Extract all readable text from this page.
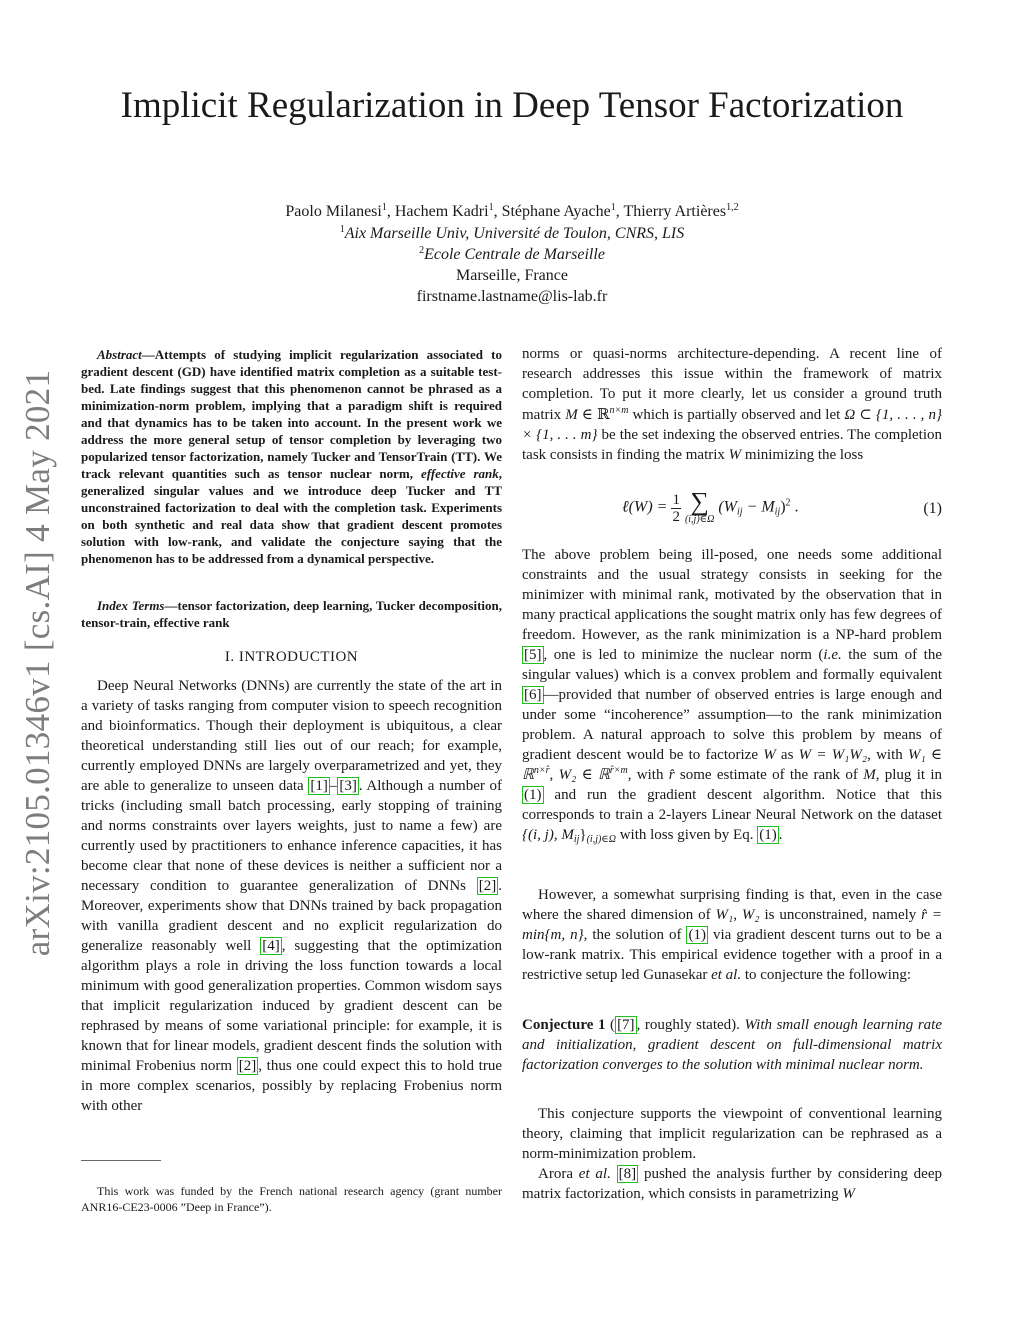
arXiv:2105.01346v1 [cs.AI] 4 May 2021
Implicit Regularization in Deep Tensor Factorization
Paolo Milanesi$^1$, Hachem Kadri$^1$, Stéphane Ayache$^1$, Thierry Artières$^{1,2}$
$^1$Aix Marseille Univ, Université de Toulon, CNRS, LIS
$^2$Ecole Centrale de Marseille
Marseille, France
firstname.lastname@lis-lab.fr
Abstract—Attempts of studying implicit regularization associated to gradient descent (GD) have identified matrix completion as a suitable test-bed. Late findings suggest that this phenomenon cannot be phrased as a minimization-norm problem, implying that a paradigm shift is required and that dynamics has to be taken into account. In the present work we address the more general setup of tensor completion by leveraging two popularized tensor factorization, namely Tucker and TensorTrain (TT). We track relevant quantities such as tensor nuclear norm, effective rank, generalized singular values and we introduce deep Tucker and TT unconstrained factorization to deal with the completion task. Experiments on both synthetic and real data show that gradient descent promotes solution with low-rank, and validate the conjecture saying that the phenomenon has to be addressed from a dynamical perspective.
Index Terms—tensor factorization, deep learning, Tucker decomposition, tensor-train, effective rank
I. INTRODUCTION

Deep Neural Networks (DNNs) are currently the state of the art in a variety of tasks ranging from computer vision to speech recognition and bioinformatics. Though their deployment is ubiquitous, a clear theoretical understanding still lies out of our reach; for example, currently employed DNNs are largely overparametrized and yet, they are able to generalize to unseen data [1] – [3] . Although a number of tricks (including small batch processing, early stopping of training and norms constraints over layers weights, just to name a few) are currently used by practitioners to enhance inference capacities, it has become clear that none of these devices is neither a sufficient nor a necessary condition to guarantee generalization of DNNs [2] . Moreover, experiments show that DNNs trained by back propagation with vanilla gradient descent and no explicit regularization do generalize reasonably well [4] , suggesting that the optimization algorithm plays a role in driving the loss function towards a local minimum with good generalization properties. Common wisdom says that implicit regularization induced by gradient descent can be rephrased by means of some variational principle: for example, it is known that for linear models, gradient descent finds the solution with minimal Frobenius norm [2] , thus one could expect this to hold true in more complex scenarios, possibly by replacing Frobenius norm with other

This work was funded by the French national research agency (grant number ANR16-CE23-0006 ”Deep in France”).

norms or quasi-norms architecture-depending. A recent line of research addresses this issue within the framework of matrix completion. To put it more clearly, let us consider a ground truth matrix M ∈ ℝ$^{n\times m}$ which is partially observed and let Ω ⊂ {1, . . . , n} × {1, . . . m} be the set indexing the observed entries. The completion task consists in finding the matrix W minimizing the loss

ℓ(W) = $\frac{1}{2}$
∑
(i,j)∈Ω
$(W_{ij} - M_{ij})^2$ .	(1)

The above problem being ill-posed, one needs some additional constraints and the usual strategy consists in seeking for the minimizer with minimal rank, motivated by the observation that in many practical applications the sought matrix only has few degrees of freedom. However, as the rank minimization is a NP-hard problem [5] , one is led to minimize the nuclear norm (i.e. the sum of the singular values) which is a convex problem and formally equivalent [6] —provided that number of observed entries is large enough and under some “incoherence” assumption—to the rank minimization problem. A natural approach to solve this problem by means of gradient descent would be to factorize W as W = W₁W₂, with W₁ ∈ ℝ$^{n\times r̂}$, W₂ ∈ ℝ$^{r̂\times m}$, with r̂ some estimate of the rank of M, plug it in (1) and run the gradient descent algorithm. Notice that this corresponds to train a 2-layers Linear Neural Network on the dataset {(i, j), $M_{ij}\}_{(i,j)\in\Omega}$ with loss given by Eq. (1) .

However, a somewhat surprising finding is that, even in the case where the shared dimension of W₁, W₂ is unconstrained, namely r̂ = min{m, n}, the solution of (1) via gradient descent turns out to be a low-rank matrix. This empirical evidence together with a proof in a restrictive setup led Gunasekar et al. to conjecture the following:

Conjecture 1 ( [7] , roughly stated). With small enough learning rate and initialization, gradient descent on full-dimensional matrix factorization converges to the solution with minimal nuclear norm.

This conjecture supports the viewpoint of conventional learning theory, claiming that implicit regularization can be rephrased as a norm-minimization problem.

Arora et al. [8] pushed the analysis further by considering deep matrix factorization, which consists in parametrizing W
